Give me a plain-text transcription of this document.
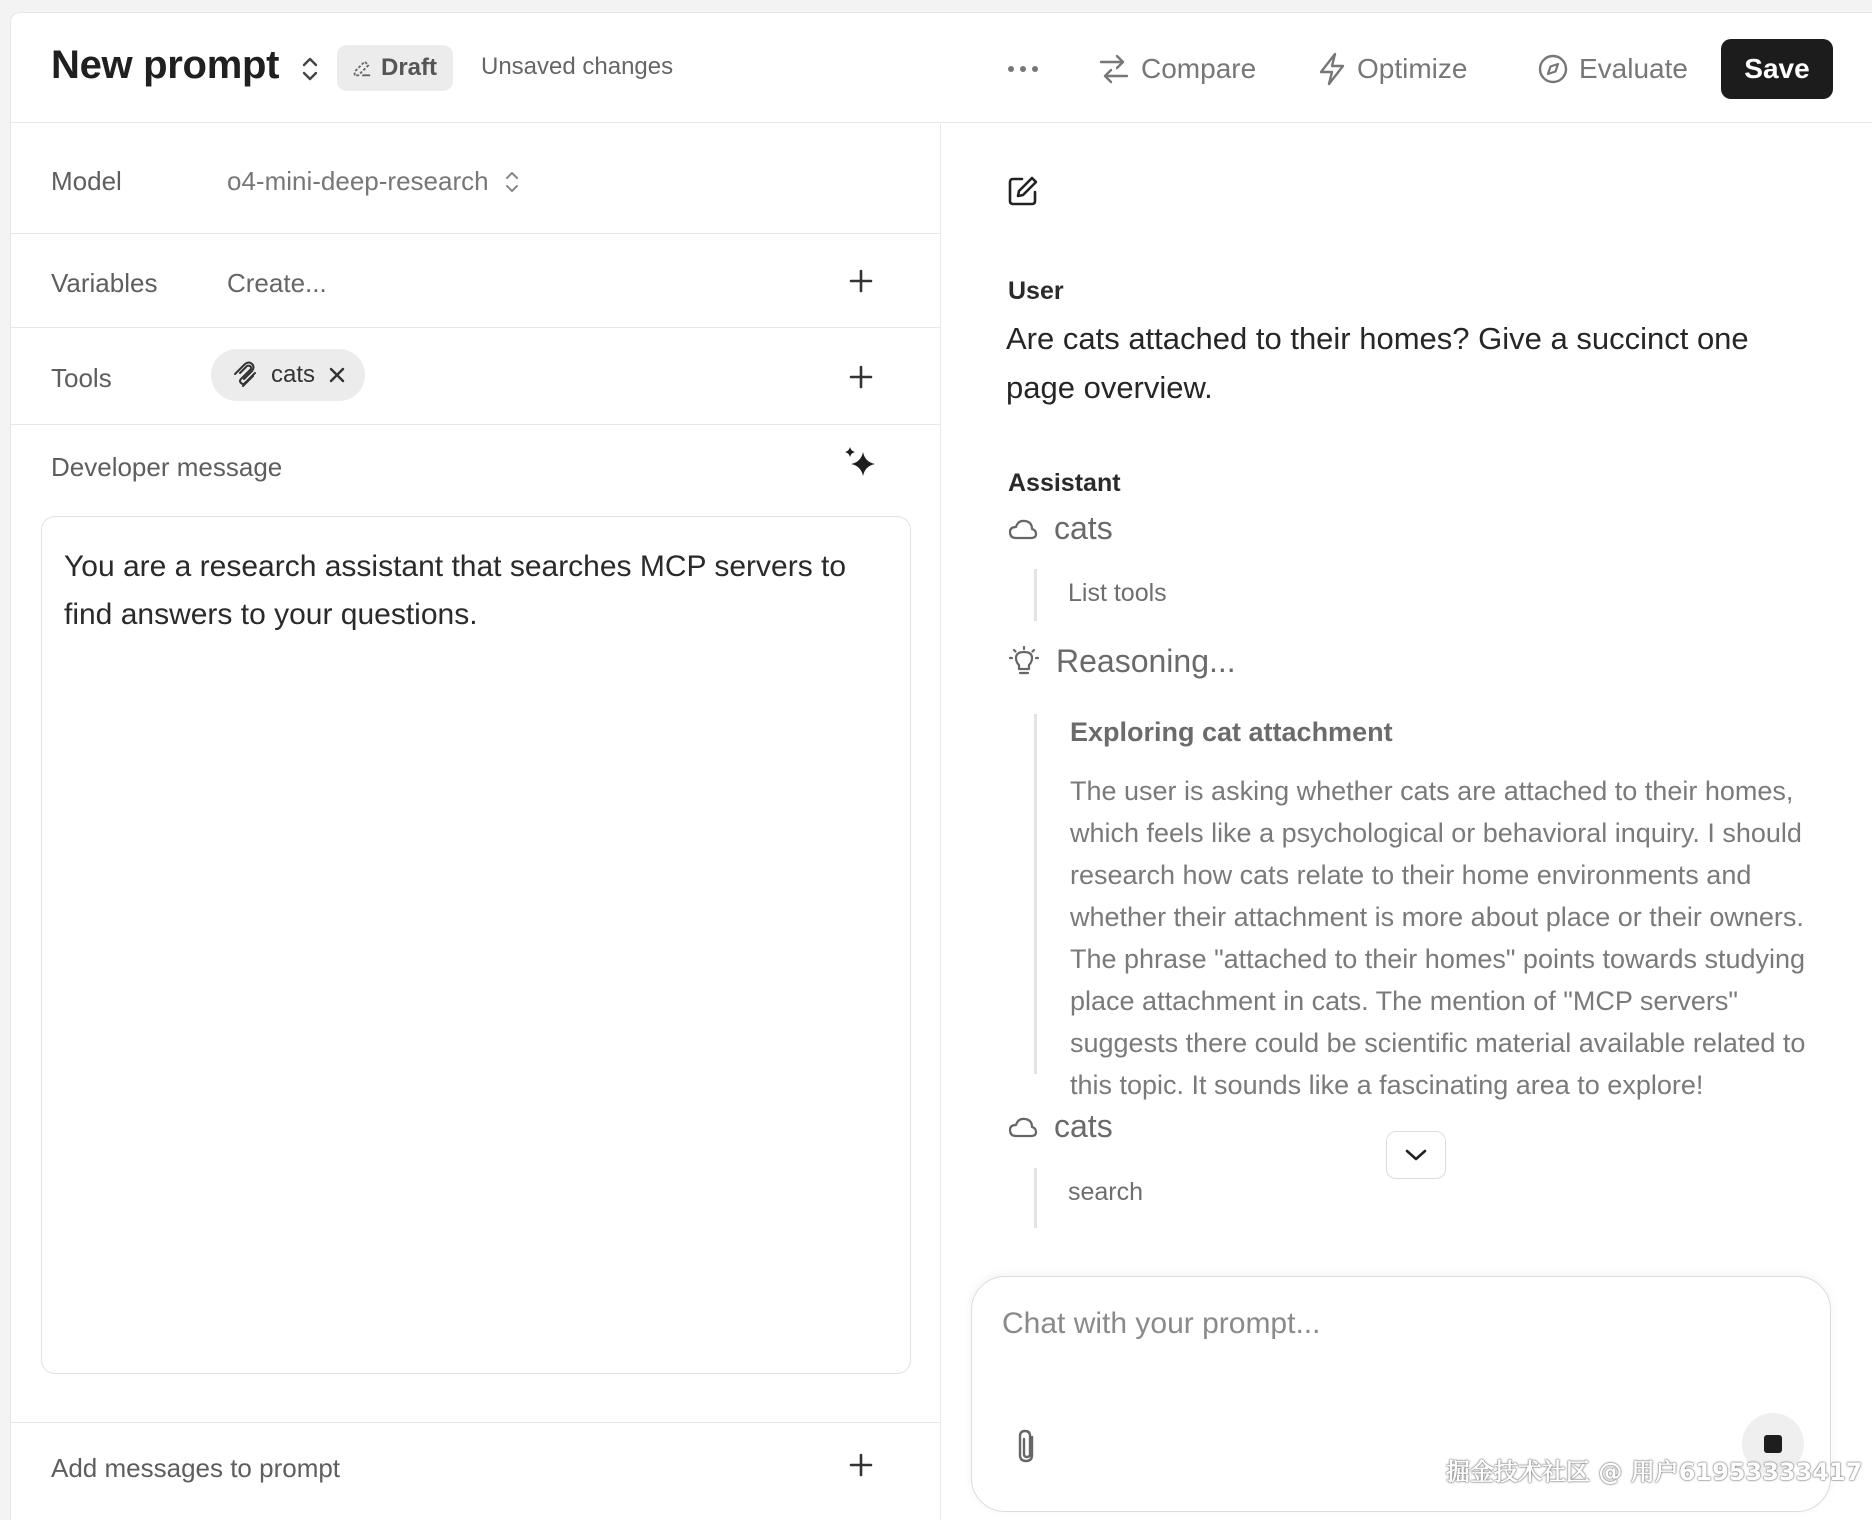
New prompt	Draft Unsaved changes	Compare	Optimize	Evaluate	Save
Model	o4-mini-deep-research
Variables	Create...
Tools	cats
Developer message
You are a research assistant that searches MCP servers to find answers to your questions.
Add messages to prompt
User
Are cats attached to their homes? Give a succinct one page overview.
Assistant
cats
List tools
Reasoning...
Exploring cat attachment
The user is asking whether cats are attached to their homes, which feels like a psychological or behavioral inquiry. I should research how cats relate to their home environments and whether their attachment is more about place or their owners. The phrase "attached to their homes" points towards studying place attachment in cats. The mention of "MCP servers" suggests there could be scientific material available related to this topic. It sounds like a fascinating area to explore!
cats
search
Chat with your prompt...
掘金技术社区 @ 用户61953333417
